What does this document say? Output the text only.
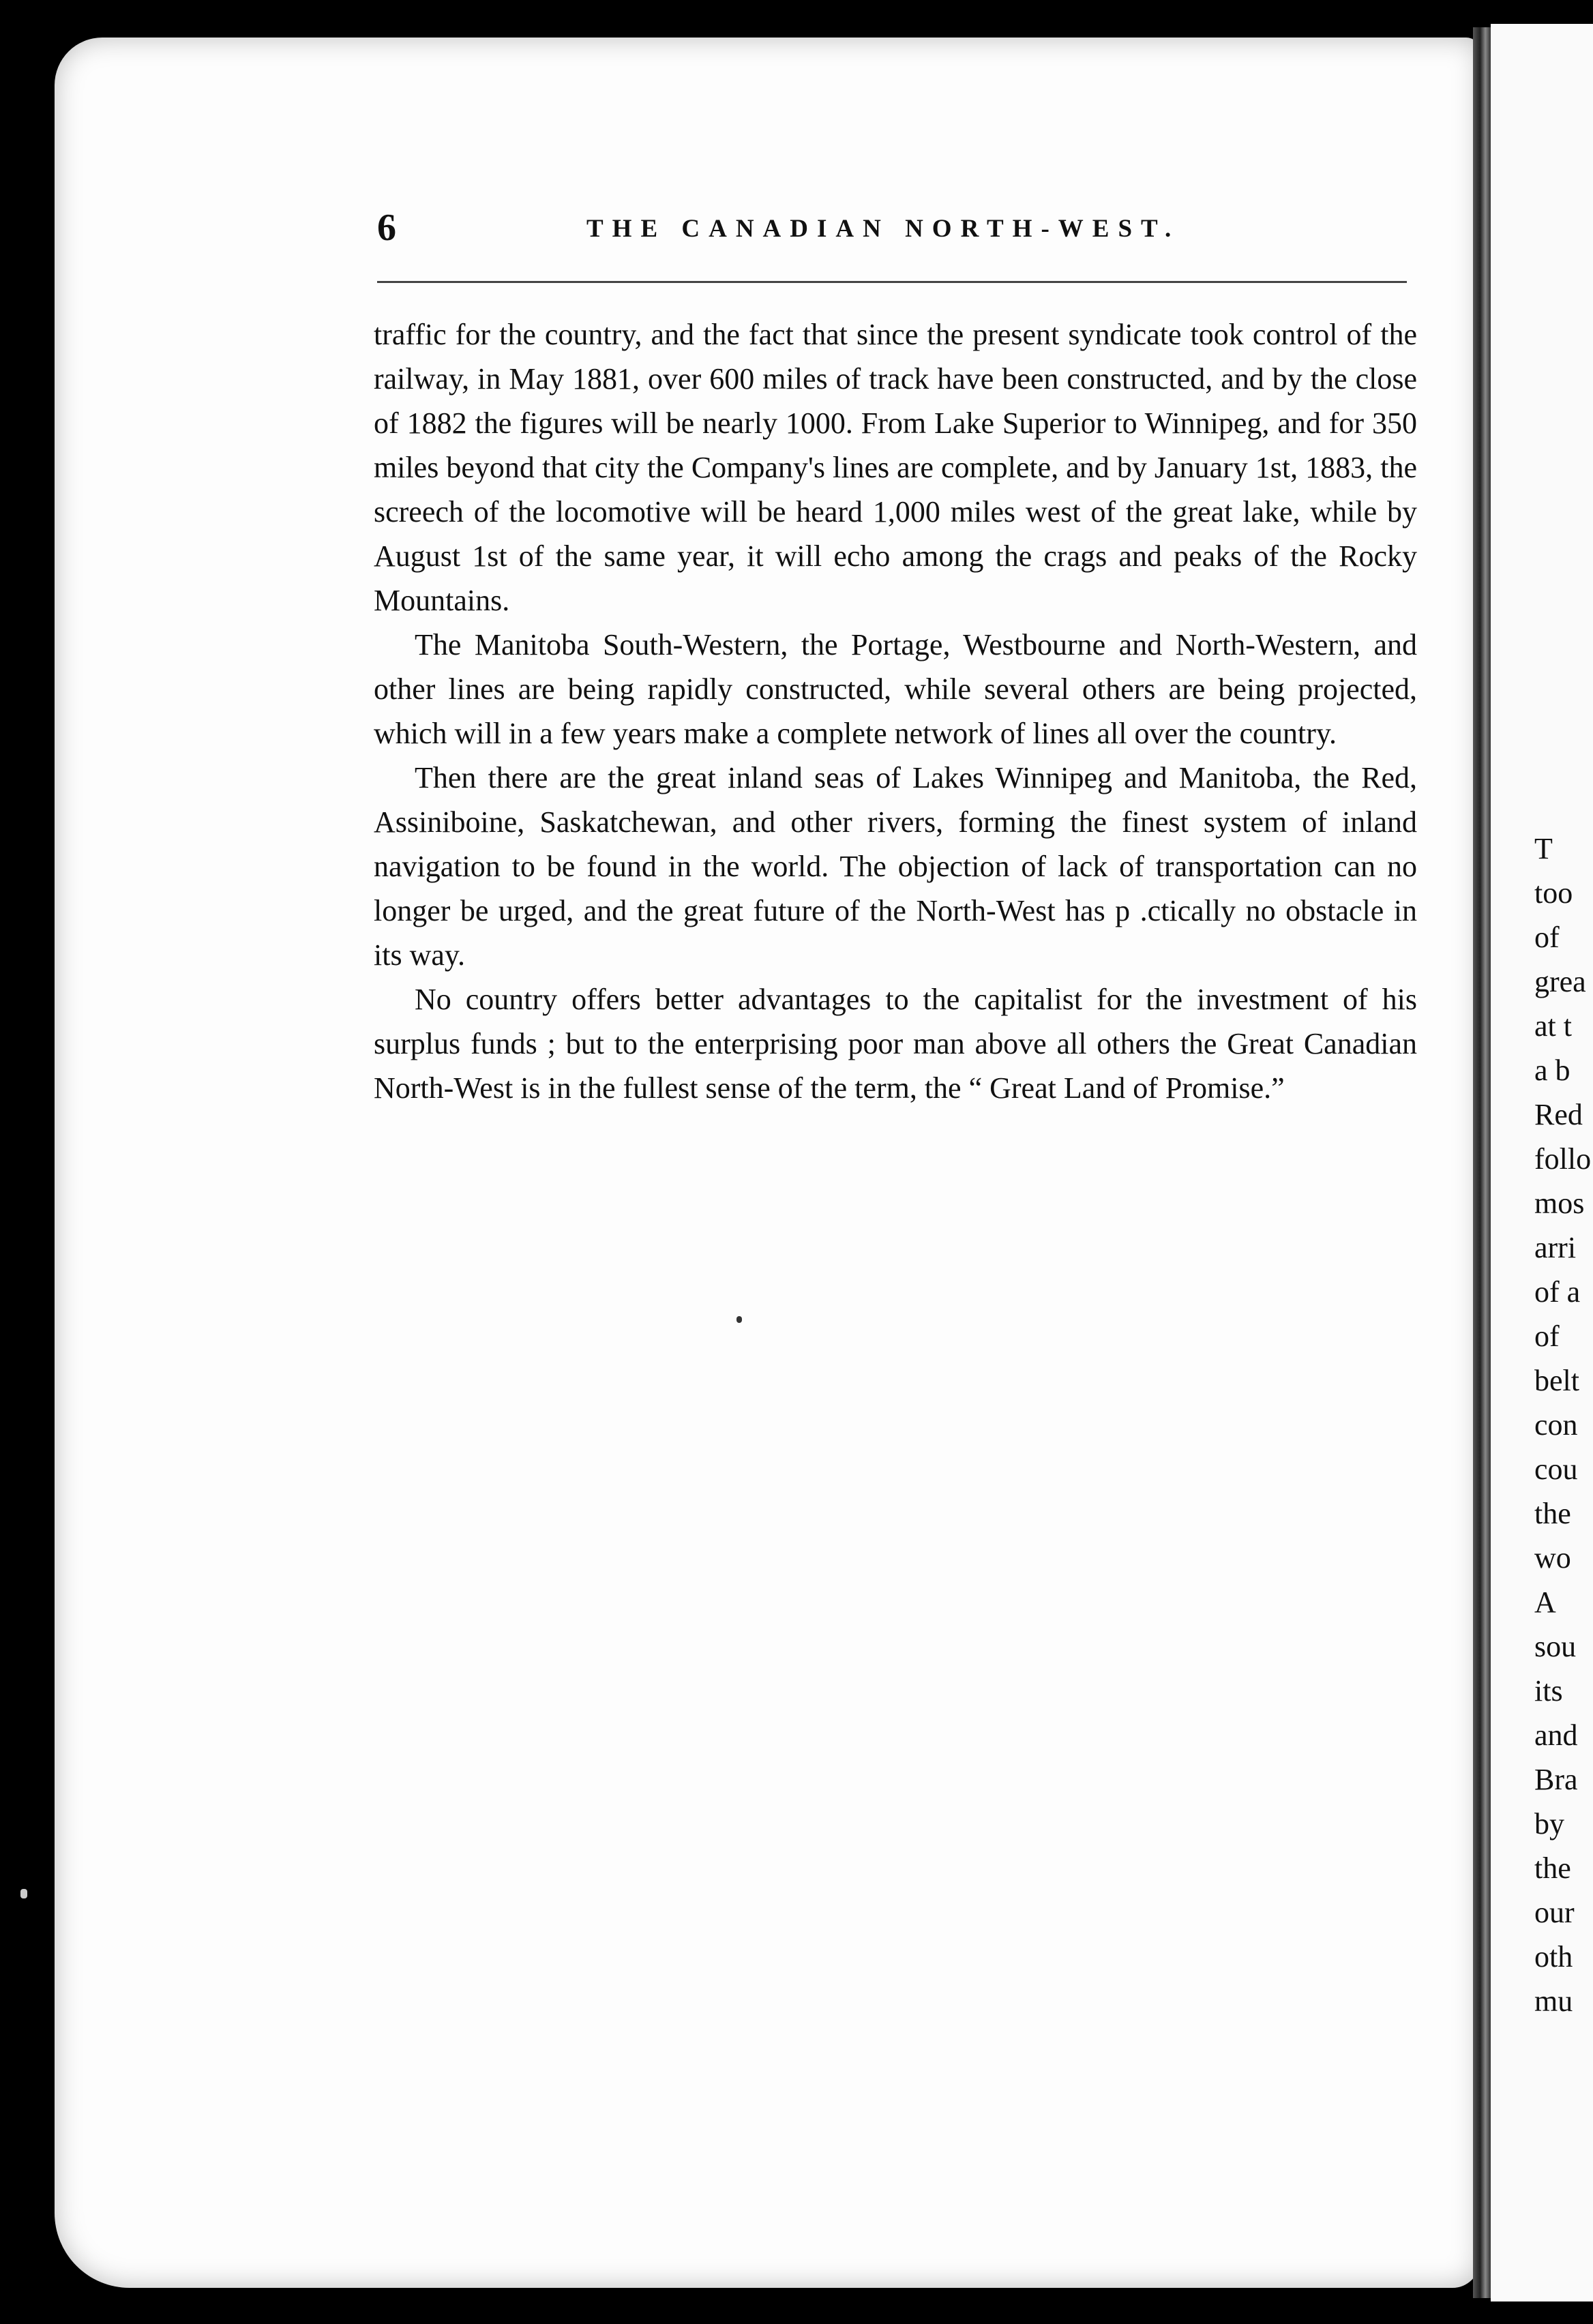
6	THE CANADIAN NORTH-WEST.

traffic for the country, and the fact that since the present syndicate took control of the railway, in May 1881, over 600 miles of track have been constructed, and by the close of 1882 the figures will be nearly 1000. From Lake Superior to Winnipeg, and for 350 miles beyond that city the Company's lines are complete, and by January 1st, 1883, the screech of the locomotive will be heard 1,000 miles west of the great lake, while by August 1st of the same year, it will echo among the crags and peaks of the Rocky Mountains.

The Manitoba South-Western, the Portage, Westbourne and North-Western, and other lines are being rapidly constructed, while several others are being projected, which will in a few years make a complete network of lines all over the country.

Then there are the great inland seas of Lakes Winnipeg and Manitoba, the Red, Assiniboine, Saskatchewan, and other rivers, forming the finest system of inland navigation to be found in the world. The objection of lack of transportation can no longer be urged, and the great future of the North-West has p .ctically no obstacle in its way.

No country offers better advantages to the capitalist for the investment of his surplus funds ; but to the enterprising poor man above all others the Great Canadian North-West is in the fullest sense of the term, the “ Great Land of Promise.”

T
too
of
grea
at t
a b
Red
follo
mos
arri
of a
of
belt
con
cou
the
wo
A
sou
its
and
Bra
by
the
our
oth
mu
